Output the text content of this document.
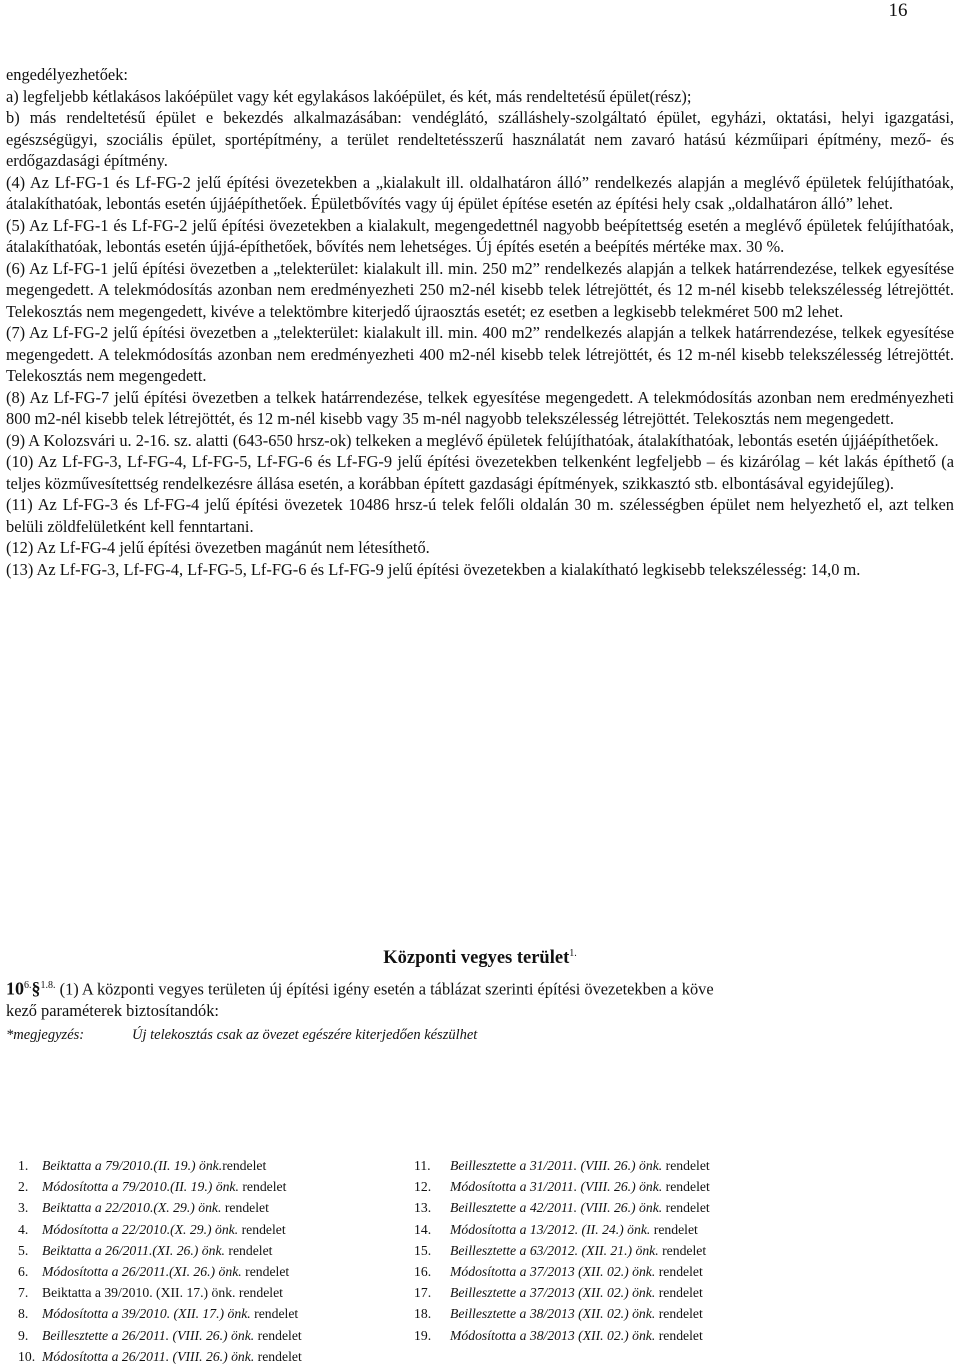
16

engedélyezhetőek:

a) legfeljebb kétlakásos lakóépület vagy két egylakásos lakóépület, és két, más rendeltetésű épület(rész);

b) más rendeltetésű épület e bekezdés alkalmazásában: vendéglátó, szálláshely-szolgáltató épület, egyházi, oktatási, helyi igazgatási, egészségügyi, szociális épület, sportépítmény, a terület rendeltetésszerű használatát nem zavaró hatású kézműipari építmény, mező- és erdőgazdasági építmény.

(4) Az Lf-FG-1 és Lf-FG-2 jelű építési övezetekben a „kialakult ill. oldalhatáron álló” rendelkezés alapján a meglévő épületek felújíthatóak, átalakíthatóak, lebontás esetén újjáépíthetőek. Épületbővítés vagy új épület építése esetén az építési hely csak „oldalhatáron álló” lehet.

(5) Az Lf-FG-1 és Lf-FG-2 jelű építési övezetekben a kialakult, megengedettnél nagyobb beépítettség esetén a meglévő épületek felújíthatóak, átalakíthatóak, lebontás esetén újjá-építhetőek, bővítés nem lehetséges. Új építés esetén a beépítés mértéke max. 30 %.

(6) Az Lf-FG-1 jelű építési övezetben a „telekterület: kialakult ill. min. 250 m2” rendelkezés alapján a telkek határrendezése, telkek egyesítése megengedett. A telekmódosítás azonban nem eredményezheti 250 m2-nél kisebb telek létrejöttét, és 12 m-nél kisebb telekszélesség létrejöttét. Telekosztás nem megengedett, kivéve a telektömbre kiterjedő újraosztás esetét; ez esetben a legkisebb telekméret 500 m2 lehet.

(7) Az Lf-FG-2 jelű építési övezetben a „telekterület: kialakult ill. min. 400 m2” rendelkezés alapján a telkek határrendezése, telkek egyesítése megengedett. A telekmódosítás azonban nem eredményezheti 400 m2-nél kisebb telek létrejöttét, és 12 m-nél kisebb telekszélesség létrejöttét. Telekosztás nem megengedett.

(8) Az Lf-FG-7 jelű építési övezetben a telkek határrendezése, telkek egyesítése megengedett. A telekmódosítás azonban nem eredményezheti 800 m2-nél kisebb telek létrejöttét, és 12 m-nél kisebb vagy 35 m-nél nagyobb telekszélesség létrejöttét. Telekosztás nem megengedett.

(9) A Kolozsvári u. 2-16. sz. alatti (643-650 hrsz-ok) telkeken a meglévő épületek felújíthatóak, átalakíthatóak, lebontás esetén újjáépíthetőek.

(10) Az Lf-FG-3, Lf-FG-4, Lf-FG-5, Lf-FG-6 és Lf-FG-9 jelű építési övezetekben telkenként legfeljebb – és kizárólag – két lakás építhető (a teljes közművesítettség rendelkezésre állása esetén, a korábban épített gazdasági építmények, szikkasztó stb. elbontásával egyidejűleg).

(11) Az Lf-FG-3 és Lf-FG-4 jelű építési övezetek 10486 hrsz-ú telek felőli oldalán 30 m. szélességben épület nem helyezhető el, azt telken belüli zöldfelületként kell fenntartani.

(12) Az Lf-FG-4 jelű építési övezetben magánút nem létesíthető.

(13) Az Lf-FG-3, Lf-FG-4, Lf-FG-5, Lf-FG-6 és Lf-FG-9 jelű építési övezetekben a kialakítható legkisebb telekszélesség: 14,0 m.

Központi vegyes terület$^{1.}$
$10^{6.}\S^{1.8.}$ (1) A központi vegyes területen új építési igény esetén a táblázat szerinti építési övezetekben a köve
kező paraméterek biztosítandók:
*megjegyzés:	Új telekosztás csak az övezet egészére kiterjedően készülhet
1. Beiktatta a 79/2010.(II. 19.) önk.rendelet
2. Módosította a 79/2010.(II. 19.) önk. rendelet
3. Beiktatta a 22/2010.(X. 29.) önk. rendelet
4. Módosította a 22/2010.(X. 29.) önk. rendelet
5. Beiktatta a 26/2011.(XI. 26.) önk. rendelet
6. Módosította a 26/2011.(XI. 26.) önk. rendelet
7. Beiktatta a 39/2010. (XII. 17.) önk. rendelet
8. Módosította a 39/2010. (XII. 17.) önk. rendelet
9. Beillesztette a 26/2011. (VIII. 26.) önk. rendelet
10. Módosította a 26/2011. (VIII. 26.) önk. rendelet
11. Beillesztette a 31/2011. (VIII. 26.) önk. rendelet
12. Módosította a 31/2011. (VIII. 26.) önk. rendelet
13. Beillesztette a 42/2011. (VIII. 26.) önk. rendelet
14. Módosította a 13/2012. (II. 24.) önk. rendelet
15. Beillesztette a 63/2012. (XII. 21.) önk. rendelet
16. Módosította a 37/2013 (XII. 02.) önk. rendelet
17. Beillesztette a 37/2013 (XII. 02.) önk. rendelet
18. Beillesztette a 38/2013 (XII. 02.) önk. rendelet
19. Módosította a 38/2013 (XII. 02.) önk. rendelet
